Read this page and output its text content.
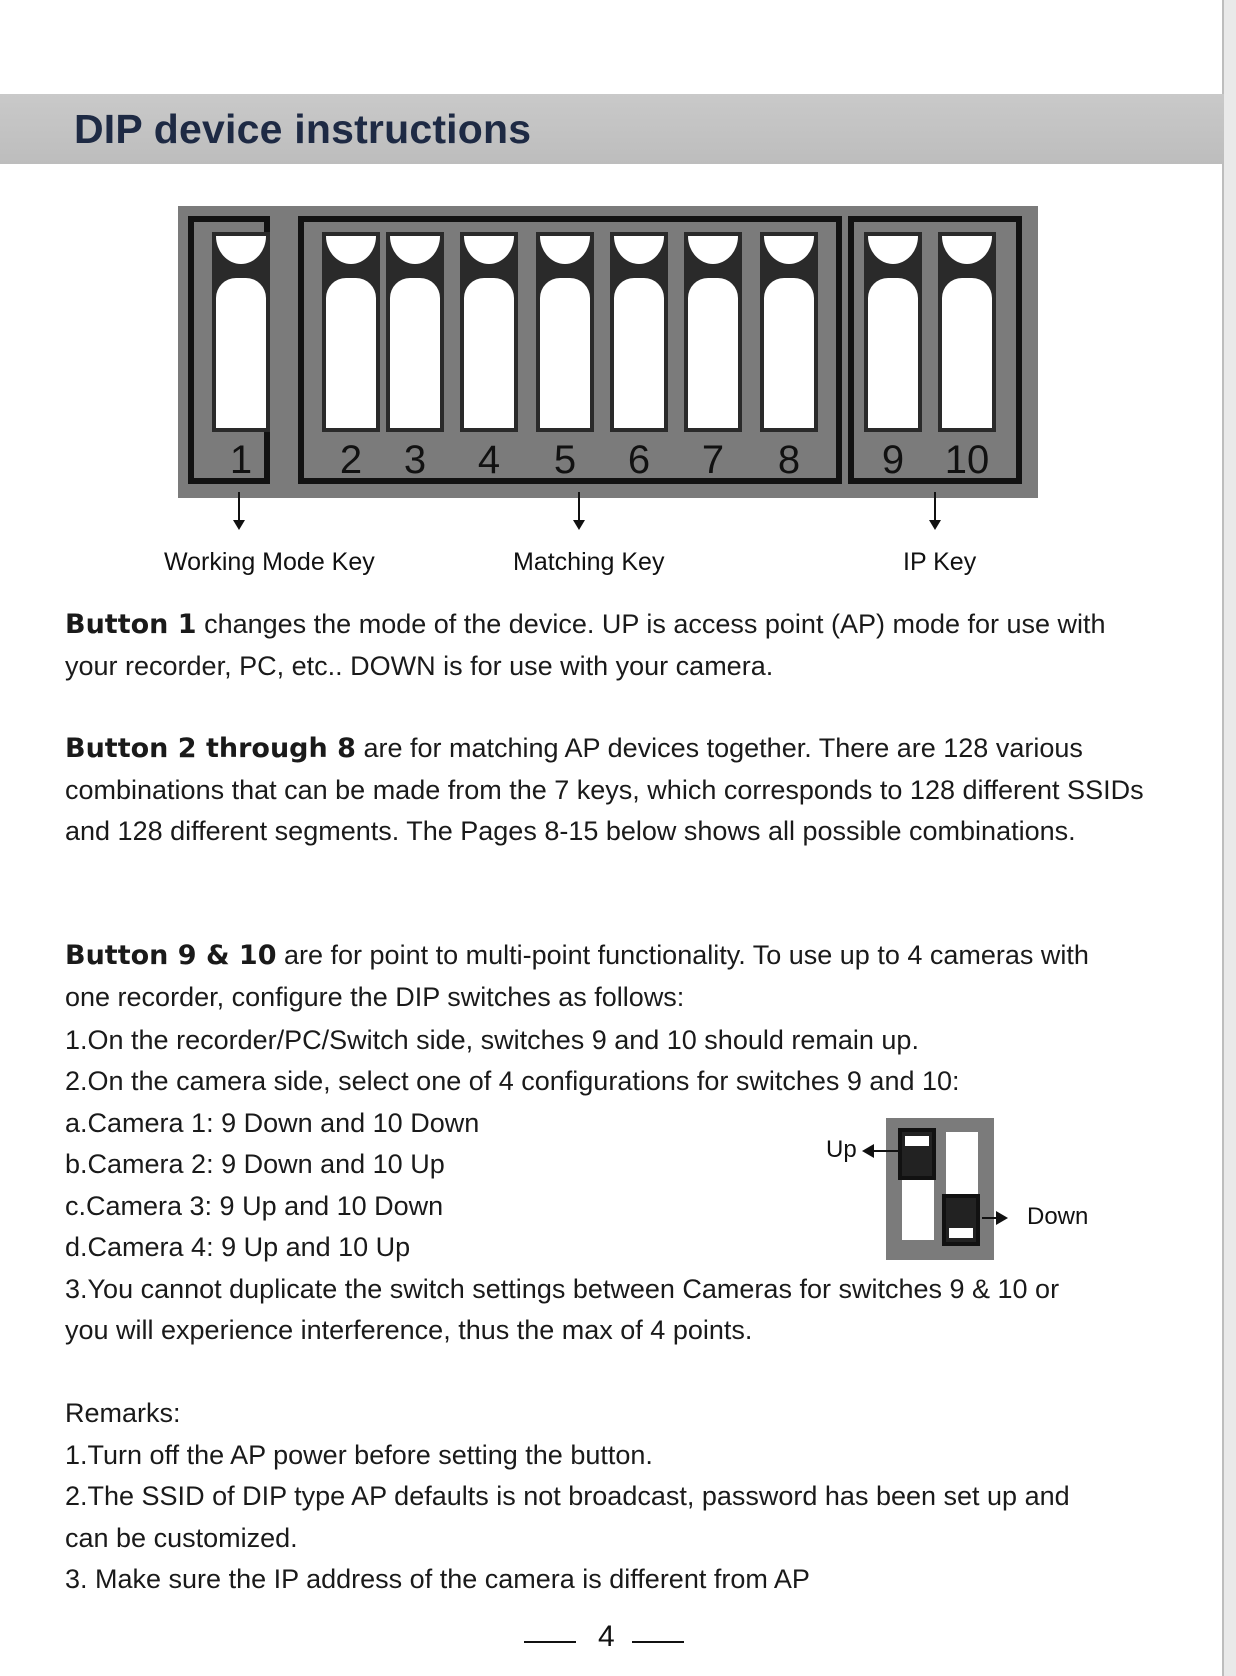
DIP device instructions
1	2	3	4	5	6	7	8	9	10
Working Mode Key	Matching Key	IP Key
Button 1 changes the mode of the device. UP is access point (AP) mode for use with your recorder, PC, etc.. DOWN is for use with your camera.
Button 2 through 8 are for matching AP devices together. There are 128 various combinations that can be made from the 7 keys, which corresponds to 128 different SSIDs and 128 different segments. The Pages 8-15 below shows all possible combinations.
Button 9 & 10 are for point to multi-point functionality. To use up to 4 cameras with one recorder, configure the DIP switches as follows:
1.On the recorder/PC/Switch side, switches 9 and 10 should remain up.
2.On the camera side, select one of 4 configurations for switches 9 and 10:
a.Camera 1: 9 Down and 10 Down
b.Camera 2: 9 Down and 10 Up
c.Camera 3: 9 Up and 10 Down
d.Camera 4: 9 Up and 10 Up
3.You cannot duplicate the switch settings between Cameras for switches 9 & 10 or
you will experience interference, thus the max of 4 points.
Up
Down
Remarks:
1.Turn off the AP power before setting the button.
2.The SSID of DIP type AP defaults is not broadcast, password has been set up and
can be customized.
3. Make sure the IP address of the camera is different from AP
4
